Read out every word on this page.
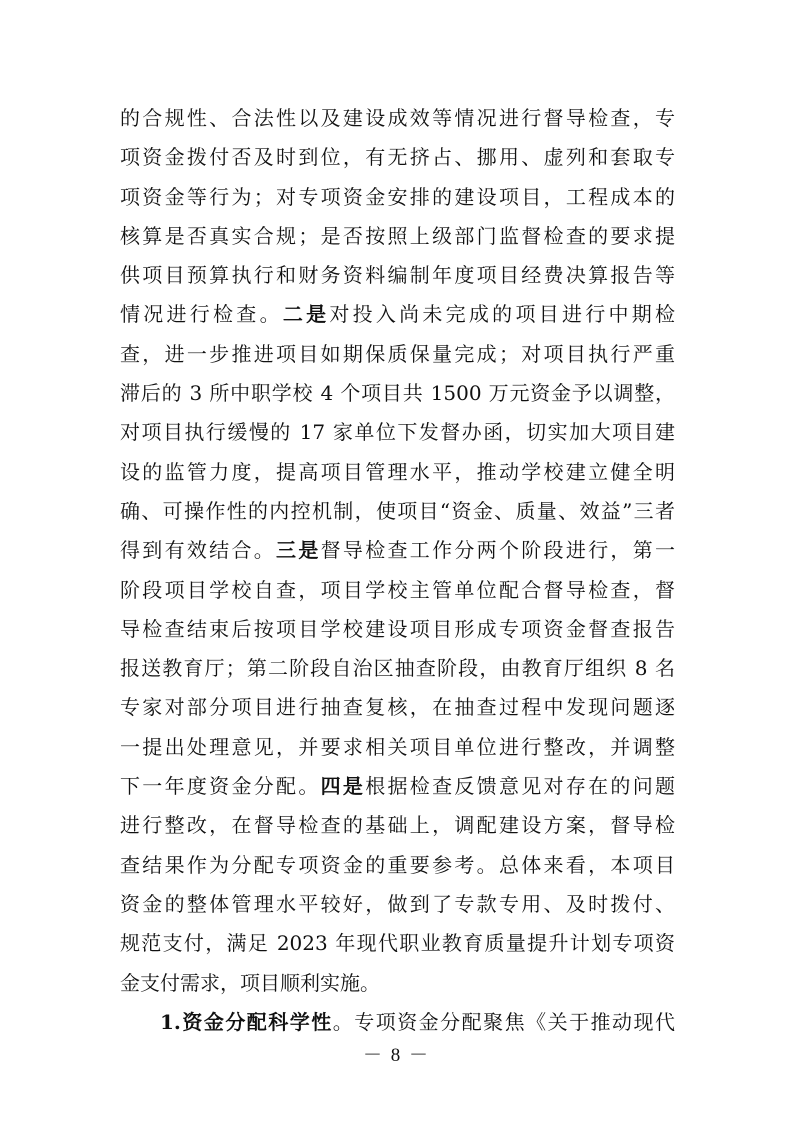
的合规性、合法性以及建设成效等情况进行督导检查，专
项资金拨付否及时到位，有无挤占、挪用、虚列和套取专
项资金等行为；对专项资金安排的建设项目，工程成本的
核算是否真实合规；是否按照上级部门监督检查的要求提
供项目预算执行和财务资料编制年度项目经费决算报告等
情况进行检查。二是对投入尚未完成的项目进行中期检
查，进一步推进项目如期保质保量完成；对项目执行严重
滞后的 3 所中职学校 4 个项目共 1500 万元资金予以调整，
对项目执行缓慢的 17 家单位下发督办函，切实加大项目建
设的监管力度，提高项目管理水平，推动学校建立健全明
确、可操作性的内控机制，使项目“资金、质量、效益”三者
得到有效结合。三是督导检查工作分两个阶段进行，第一
阶段项目学校自查，项目学校主管单位配合督导检查，督
导检查结束后按项目学校建设项目形成专项资金督查报告
报送教育厅；第二阶段自治区抽查阶段，由教育厅组织 8 名
专家对部分项目进行抽查复核，在抽查过程中发现问题逐
一提出处理意见，并要求相关项目单位进行整改，并调整
下一年度资金分配。四是根据检查反馈意见对存在的问题
进行整改，在督导检查的基础上，调配建设方案，督导检
查结果作为分配专项资金的重要参考。总体来看，本项目
资金的整体管理水平较好，做到了专款专用、及时拨付、
规范支付，满足 2023 年现代职业教育质量提升计划专项资
金支付需求，项目顺利实施。
1.资金分配科学性。专项资金分配聚焦《关于推动现代
－ 8 －
